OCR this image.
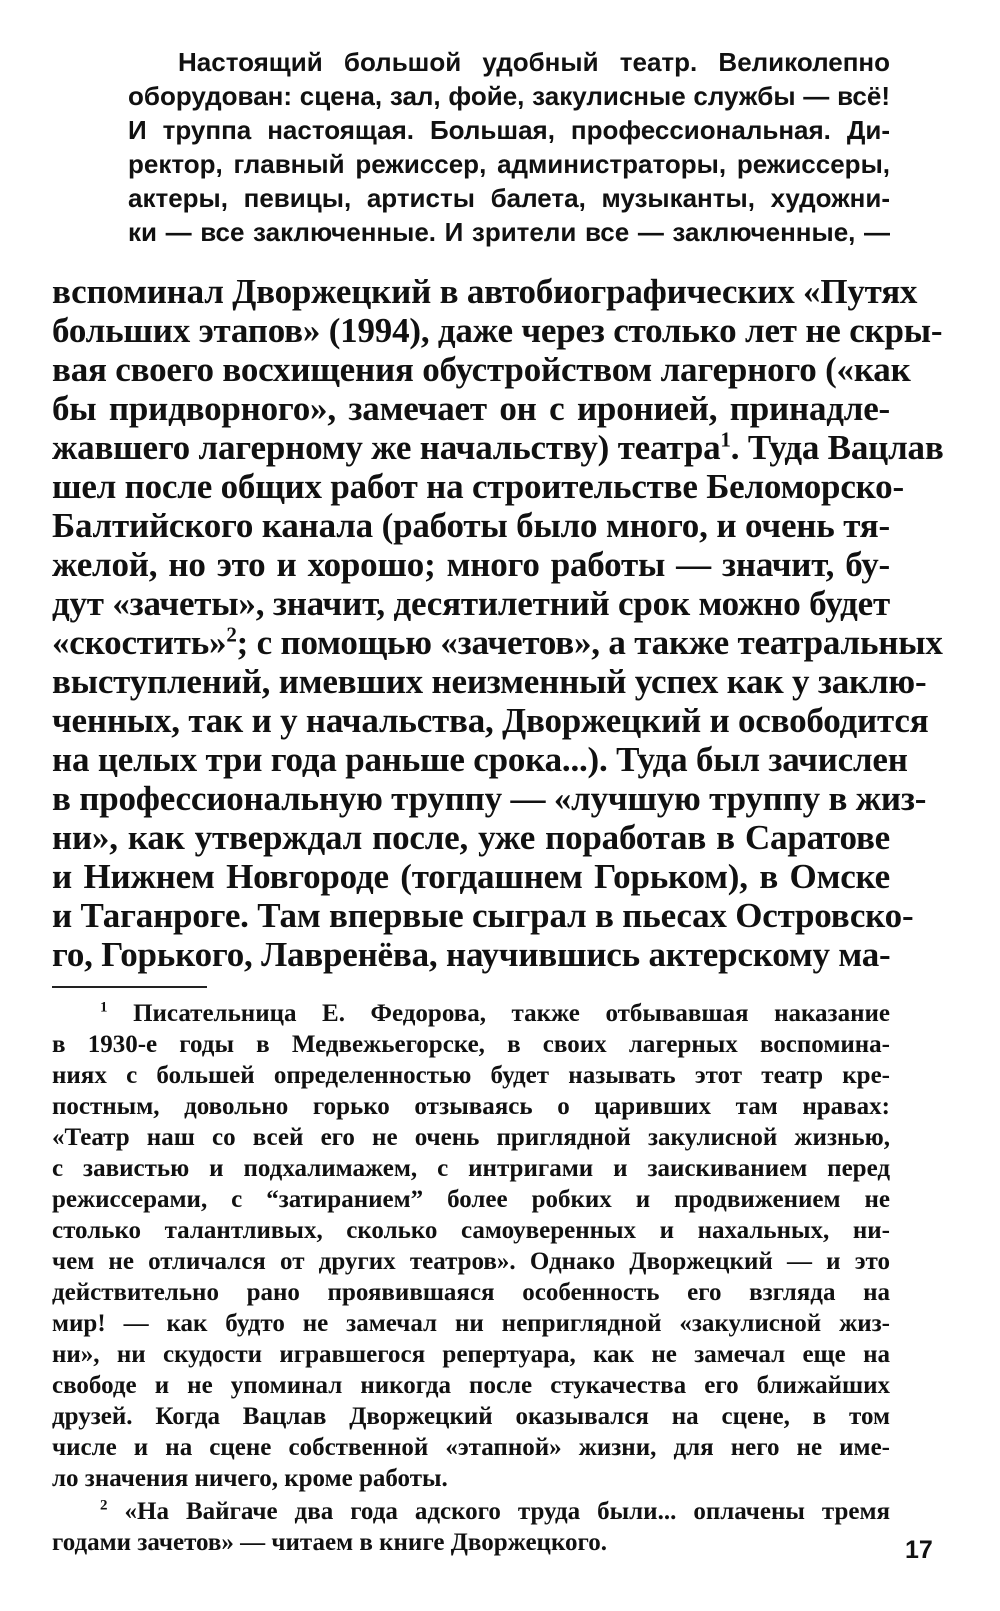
Настоящий большой удобный театр. Великолепно
оборудован: сцена, зал, фойе, закулисные службы — всё!
И труппа настоящая. Большая, профессиональная. Ди-
ректор, главный режиссер, администраторы, режиссеры,
актеры, певицы, артисты балета, музыканты, художни-
ки — все заключенные. И зрители все — заключенные, —
вспоминал Дворжецкий в автобиографических «Путях
больших этапов» (1994), даже через столько лет не скры-
вая своего восхищения обустройством лагерного («как
бы придворного», замечает он с иронией, принадле-
жавшего лагерному же начальству) театра$^1$. Туда Вацлав
шел после общих работ на строительстве Беломорско-
Балтийского канала (работы было много, и очень тя-
желой, но это и хорошо; много работы — значит, бу-
дут «зачеты», значит, десятилетний срок можно будет
«скостить»$^2$; с помощью «зачетов», а также театральных
выступлений, имевших неизменный успех как у заклю-
ченных, так и у начальства, Дворжецкий и освободится
на целых три года раньше срока...). Туда был зачислен
в профессиональную труппу — «лучшую труппу в жиз-
ни», как утверждал после, уже поработав в Саратове
и Нижнем Новгороде (тогдашнем Горьком), в Омске
и Таганроге. Там впервые сыграл в пьесах Островско-
го, Горького, Лавренёва, научившись актерскому ма-
$^1$ Писательница Е. Федорова, также отбывавшая наказание
в 1930-е годы в Медвежьегорске, в своих лагерных воспомина-
ниях с большей определенностью будет называть этот театр кре-
постным, довольно горько отзываясь о царивших там нравах:
«Театр наш со всей его не очень приглядной закулисной жизнью,
с завистью и подхалимажем, с интригами и заискиванием перед
режиссерами, с “затиранием” более робких и продвижением не
столько талантливых, сколько самоуверенных и нахальных, ни-
чем не отличался от других театров». Однако Дворжецкий — и это
действительно рано проявившаяся особенность его взгляда на
мир! — как будто не замечал ни неприглядной «закулисной жиз-
ни», ни скудости игравшегося репертуара, как не замечал еще на
свободе и не упоминал никогда после стукачества его ближайших
друзей. Когда Вацлав Дворжецкий оказывался на сцене, в том
числе и на сцене собственной «этапной» жизни, для него не име-
ло значения ничего, кроме работы.
$^2$ «На Вайгаче два года адского труда были... оплачены тремя
годами зачетов» — читаем в книге Дворжецкого.	17
